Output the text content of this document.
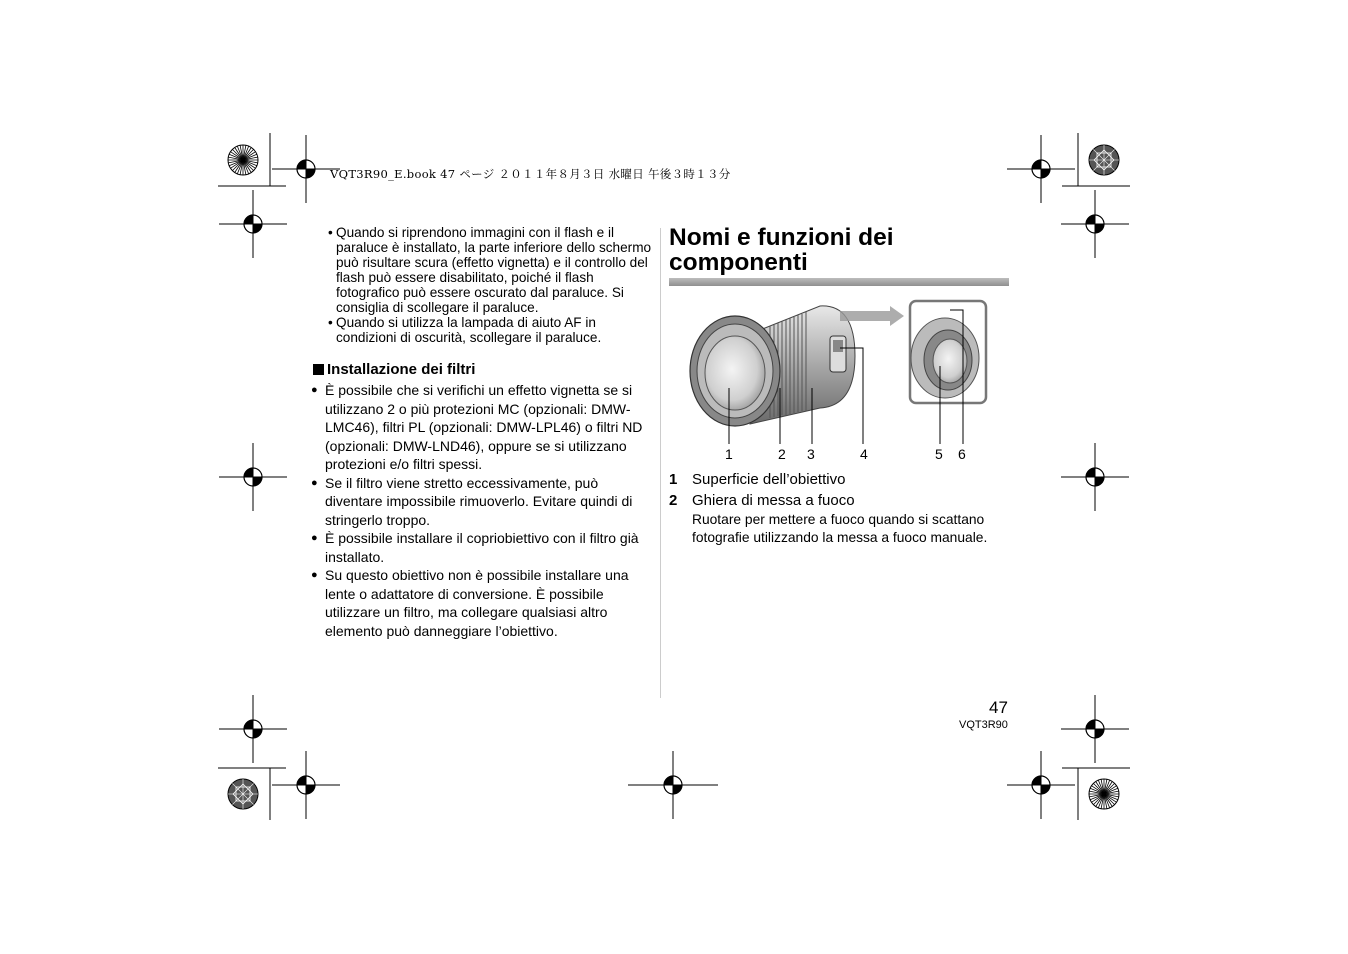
VQT3R90_E.book 47 ページ ２０１１年８月３日 水曜日 午後３時１３分
• Quando si riprendono immagini con il flash e il paraluce è installato, la parte inferiore dello schermo può risultare scura (effetto vignetta) e il controllo del flash può essere disabilitato, poiché il flash fotografico può essere oscurato dal paraluce. Si consiglia di scollegare il paraluce.
• Quando si utilizza la lampada di aiuto AF in condizioni di oscurità, scollegare il paraluce.
Installazione dei filtri
● È possibile che si verifichi un effetto vignetta se si utilizzano 2 o più protezioni MC (opzionali: DMW-LMC46), filtri PL (opzionali: DMW-LPL46) o filtri ND (opzionali: DMW-LND46), oppure se si utilizzano protezioni e/o filtri spessi.
● Se il filtro viene stretto eccessivamente, può diventare impossibile rimuoverlo. Evitare quindi di stringerlo troppo.
● È possibile installare il copriobiettivo con il filtro già installato.
● Su questo obiettivo non è possibile installare una lente o adattatore di conversione. È possibile utilizzare un filtro, ma collegare qualsiasi altro elemento può danneggiare l’obiettivo.
Nomi e funzioni dei
componenti
1	2 3	4	5 6
1 Superficie dell’obiettivo
2 Ghiera di messa a fuoco
Ruotare per mettere a fuoco quando si scattano
fotografie utilizzando la messa a fuoco manuale.
47
VQT3R90
